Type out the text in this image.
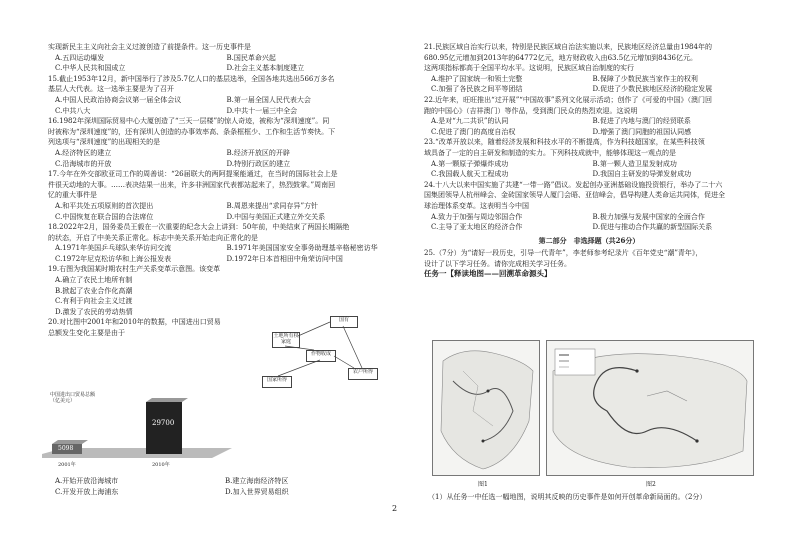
实现新民主主义向社会主义过渡创造了前提条件。这一历史事件是

A.五四运动爆发	B.国民革命兴起
C.中华人民共和国成立	D.社会主义基本制度建立

15.截止1953年12月，新中国举行了涉及5.7亿人口的基层选举，全国各地共选出566万多名

基层人大代表。这一选举主要是为了召开

A.中国人民政治协商会议第一届全体会议	B.第一届全国人民代表大会
C.中共八大	D.中共十一届三中全会

16.1982年深圳国际贸易中心大厦创造了“三天一层楼”的惊人奇迹，被称为“深圳速度”。同

时被称为“深圳速度”的，还有深圳人创造的办事效率高、条条框框少、工作和生活节奏快。下

列选项与“深圳速度”的出现相关的是

A.经济特区的建立	B.经济开放区的开辟
C.沿海城市的开放	D.特别行政区的建立

17.今年在外交部欧亚司工作的周善说：“26届联大的两阿提案能通过，在当时的国际社会上是

件很天动地的大事。……表决结果一出来，许多非洲国家代表都站起来了，热烈鼓掌。”周南回

忆的重大事件是

A.和平共处五项原则的首次提出	B.周恩来提出“求同存异”方针
C.中国恢复在联合国的合法席位	D.中国与美国正式建立外交关系

18.2022年2月，国务委员王毅在一次重要的纪念大会上讲到：50年前，中美结束了两国长期隔绝

的状态，开启了中美关系正常化。标志中美关系开始走向正常化的是

A.1971年美国乒乓球队来华访问交流	B.1971年美国国家安全事务助理基辛格秘密访华
C.1972年尼克松访华和上海公报发表	D.1972年日本首相田中角荣访问中国

19.右图为我国某时期农村生产关系变革示意图。该变革

A.确立了农民土地所有制

B.掀起了农业合作化高潮

C.有利于向社会主义过渡

D.激发了农民的劳动热情

20.对比图中2001年和2010年的数据，中国进出口贸易

总额发生变化主要是由于

国有
土地所有权家庭
作物收成
国家所得
农户所得
中国进出口贸易总额（亿美元）
5098
29700
2001年	2010年
A.开始开放沿海城市	B.建立海南经济特区
C.开发开放上海浦东	D.加入世界贸易组织

21.民族区域自治实行以来，特别是民族区域自治法实施以来，民族地区经济总量由1984年的

680.95亿元增加到2013年的64772亿元，地方财政收入由63.5亿元增加到8436亿元。

这两项指标都高于全国平均水平。这说明，民族区域自治制度的实行

A.维护了国家统一和领土完整	B.保障了少数民族当家作主的权利
C.加强了各民族之间平等团结	D.促进了少数民族地区经济的稳定发展

22.近年来，旺旺推出“过开展”“中国故事”系列文化展示活动；创作了《可爱的中国》（澳门回

跑的中国心》（吉祥澳门）等作品，受到澳门民众的热烈欢迎。这说明

A.是对“九二共识”的认同	B.促进了内地与澳门的经贸联系
C.促进了澳门的高度自治权	D.增强了澳门同胞的祖国认同感

23.“改革开放以来，随着经济发展和科技水平的不断提高，作为科技超国家，在某些科技领

域具备了一定的自主研发和制造的实力。下列科技成就中，能够体现这一观点的是

A.第一颗原子弹爆炸成功	B.第一颗人造卫星发射成功
C.我国载人航天工程成功	D.我国自主研发的导弹发射成功

24.十八大以来中国实施了共建“一带一路”倡议。发起创办亚洲基础设施投资银行，举办了二十六

国集团领导人杭州峰会、金砖国家领导人厦门会晤、亚信峰会，倡导构建人类命运共同体，促进全

球治理体系变革。这表明当今中国

A.致力于加强与周边邻国合作	B.极力加强与发展中国家的全面合作
C.主导了亚太地区的经济合作	D.促进与推动合作共赢的新型国际关系

第二部分　非选择题（共26分）

25.（7分）为“请好一段历史，引导一代青年”，李老师参考纪录片《百年党史“潮”青年》，

设计了以下学习任务。请你完成相关学习任务。

任务一【释读地图——回溯革命源头】

图1	图2
（1）从任务一中任选一幅地图，说明其反映的历史事件是如何开创革命新局面的。（2分）
2
